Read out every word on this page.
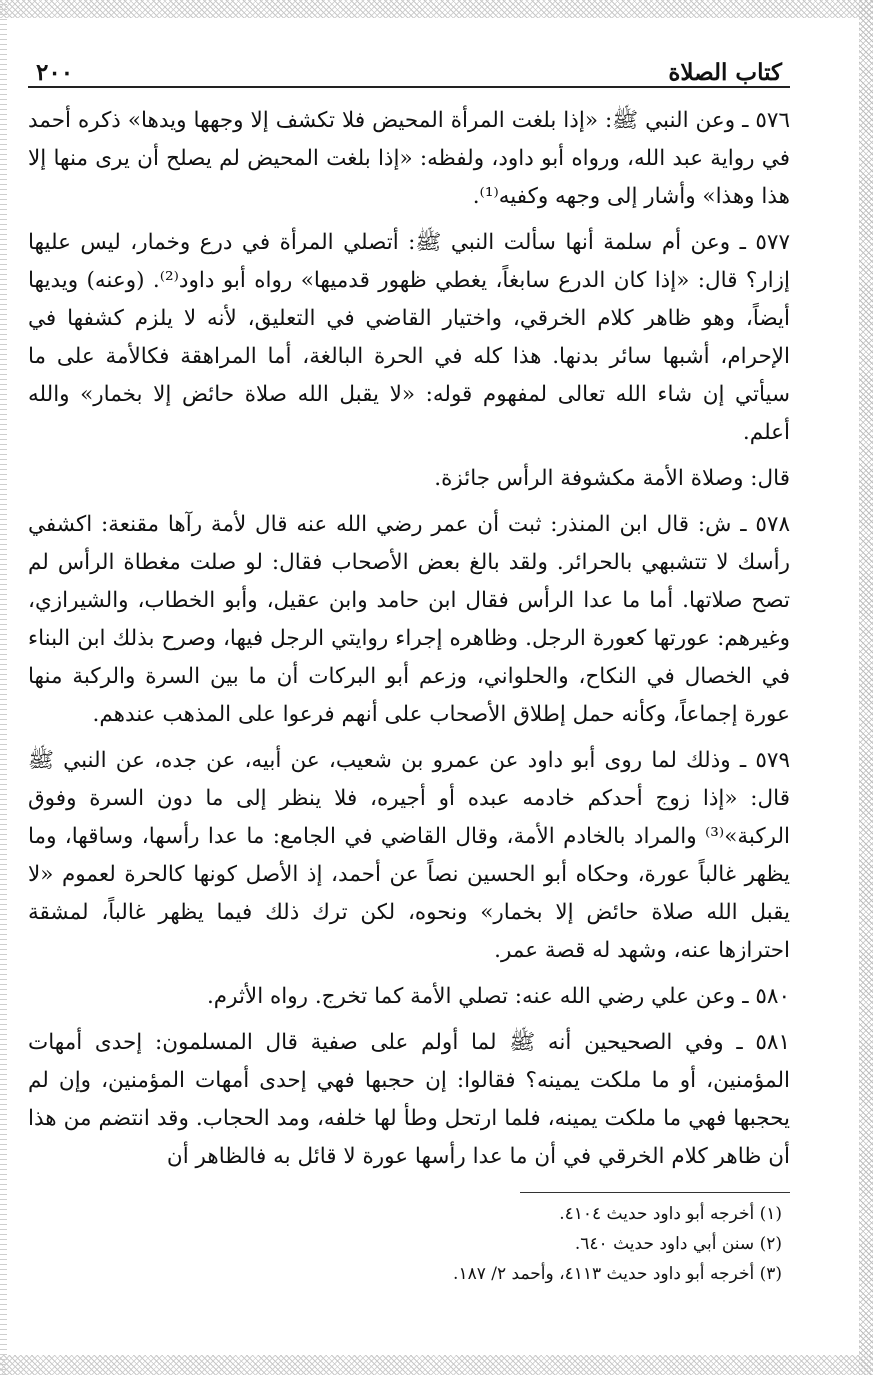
كتاب الصلاة
٢٠٠

٥٧٦ ـ وعن النبي ﷺ: «إذا بلغت المرأة المحيض فلا تكشف إلا وجهها ويدها» ذكره أحمد في رواية عبد الله، ورواه أبو داود، ولفظه: «إذا بلغت المحيض لم يصلح أن يرى منها إلا هذا وهذا» وأشار إلى وجهه وكفيه⁽¹⁾.

٥٧٧ ـ وعن أم سلمة أنها سألت النبي ﷺ: أتصلي المرأة في درع وخمار، ليس عليها إزار؟ قال: «إذا كان الدرع سابغاً، يغطي ظهور قدميها» رواه أبو داود⁽²⁾. (وعنه) ويديها أيضاً، وهو ظاهر كلام الخرقي، واختيار القاضي في التعليق، لأنه لا يلزم كشفها في الإحرام، أشبها سائر بدنها. هذا كله في الحرة البالغة، أما المراهقة فكالأمة على ما سيأتي إن شاء الله تعالى لمفهوم قوله: «لا يقبل الله صلاة حائض إلا بخمار» والله أعلم.

قال: وصلاة الأمة مكشوفة الرأس جائزة.

٥٧٨ ـ ش: قال ابن المنذر: ثبت أن عمر رضي الله عنه قال لأمة رآها مقنعة: اكشفي رأسك لا تتشبهي بالحرائر. ولقد بالغ بعض الأصحاب فقال: لو صلت مغطاة الرأس لم تصح صلاتها. أما ما عدا الرأس فقال ابن حامد وابن عقيل، وأبو الخطاب، والشيرازي، وغيرهم: عورتها كعورة الرجل. وظاهره إجراء روايتي الرجل فيها، وصرح بذلك ابن البناء في الخصال في النكاح، والحلواني، وزعم أبو البركات أن ما بين السرة والركبة منها عورة إجماعاً، وكأنه حمل إطلاق الأصحاب على أنهم فرعوا على المذهب عندهم.

٥٧٩ ـ وذلك لما روى أبو داود عن عمرو بن شعيب، عن أبيه، عن جده، عن النبي ﷺ قال: «إذا زوج أحدكم خادمه عبده أو أجيره، فلا ينظر إلى ما دون السرة وفوق الركبة»⁽³⁾ والمراد بالخادم الأمة، وقال القاضي في الجامع: ما عدا رأسها، وساقها، وما يظهر غالباً عورة، وحكاه أبو الحسين نصاً عن أحمد، إذ الأصل كونها كالحرة لعموم «لا يقبل الله صلاة حائض إلا بخمار» ونحوه، لكن ترك ذلك فيما يظهر غالباً، لمشقة احترازها عنه، وشهد له قصة عمر.

٥٨٠ ـ وعن علي رضي الله عنه: تصلي الأمة كما تخرج. رواه الأثرم.

٥٨١ ـ وفي الصحيحين أنه ﷺ لما أولم على صفية قال المسلمون: إحدى أمهات المؤمنين، أو ما ملكت يمينه؟ فقالوا: إن حجبها فهي إحدى أمهات المؤمنين، وإن لم يحجبها فهي ما ملكت يمينه، فلما ارتحل وطأ لها خلفه، ومد الحجاب. وقد انتضم من هذا أن ظاهر كلام الخرقي في أن ما عدا رأسها عورة لا قائل به فالظاهر أن

(١) أخرجه أبو داود حديث ٤١٠٤.
(٢) سنن أبي داود حديث ٦٤٠.
(٣) أخرجه أبو داود حديث ٤١١٣، وأحمد ٢/ ١٨٧.
